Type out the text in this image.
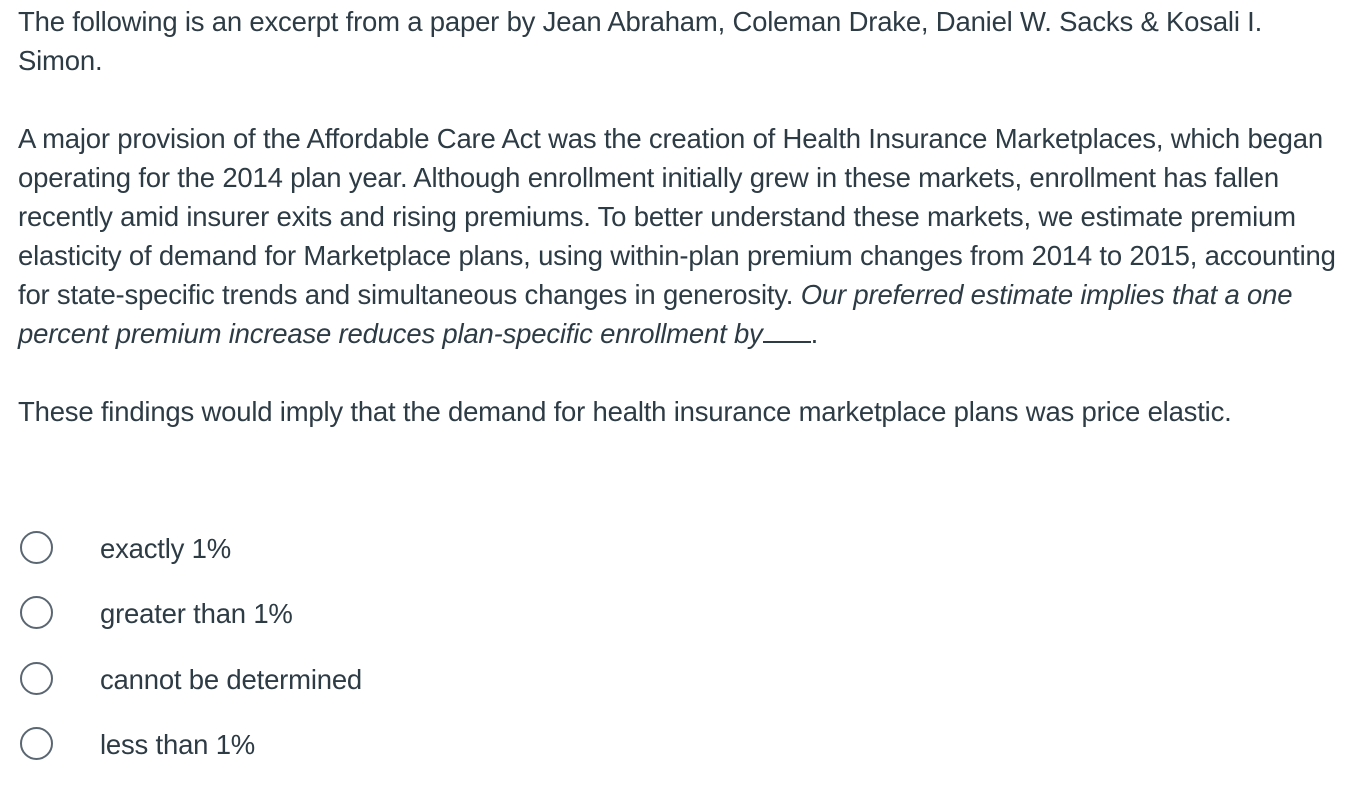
The following is an excerpt from a paper by Jean Abraham, Coleman Drake, Daniel W. Sacks & Kosali I. Simon.

A major provision of the Affordable Care Act was the creation of Health Insurance Marketplaces, which began operating for the 2014 plan year. Although enrollment initially grew in these markets, enrollment has fallen recently amid insurer exits and rising premiums. To better understand these markets, we estimate premium elasticity of demand for Marketplace plans, using within-plan premium changes from 2014 to 2015, accounting for state-specific trends and simultaneous changes in generosity. Our preferred estimate implies that a one percent premium increase reduces plan-specific enrollment by .

These findings would imply that the demand for health insurance marketplace plans was price elastic.

exactly 1%
greater than 1%
cannot be determined
less than 1%
